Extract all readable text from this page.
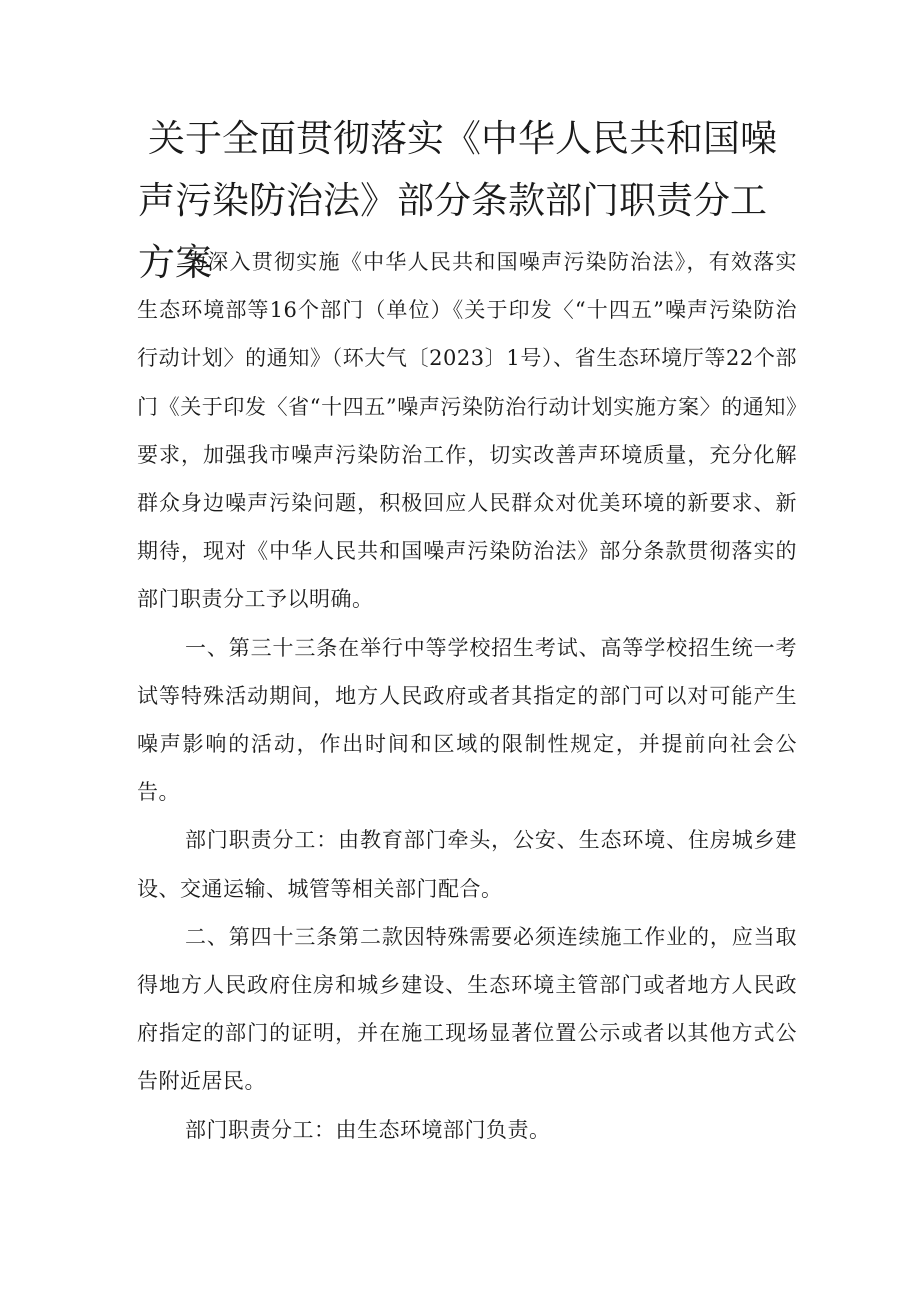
关于全面贯彻落实《中华人民共和国噪声污染防治法》部分条款部门职责分工方案

为深入贯彻实施《中华人民共和国噪声污染防治法》，有效落实生态环境部等16个部门（单位）《关于印发〈“十四五”噪声污染防治行动计划〉的通知》（环大气〔2023〕1号）、省生态环境厅等22个部门《关于印发〈省“十四五”噪声污染防治行动计划实施方案〉的通知》要求，加强我市噪声污染防治工作，切实改善声环境质量，充分化解群众身边噪声污染问题，积极回应人民群众对优美环境的新要求、新期待，现对《中华人民共和国噪声污染防治法》部分条款贯彻落实的部门职责分工予以明确。

一、第三十三条在举行中等学校招生考试、高等学校招生统一考试等特殊活动期间，地方人民政府或者其指定的部门可以对可能产生噪声影响的活动，作出时间和区域的限制性规定，并提前向社会公告。

部门职责分工：由教育部门牵头，公安、生态环境、住房城乡建设、交通运输、城管等相关部门配合。

二、第四十三条第二款因特殊需要必须连续施工作业的，应当取得地方人民政府住房和城乡建设、生态环境主管部门或者地方人民政府指定的部门的证明，并在施工现场显著位置公示或者以其他方式公告附近居民。

部门职责分工：由生态环境部门负责。
